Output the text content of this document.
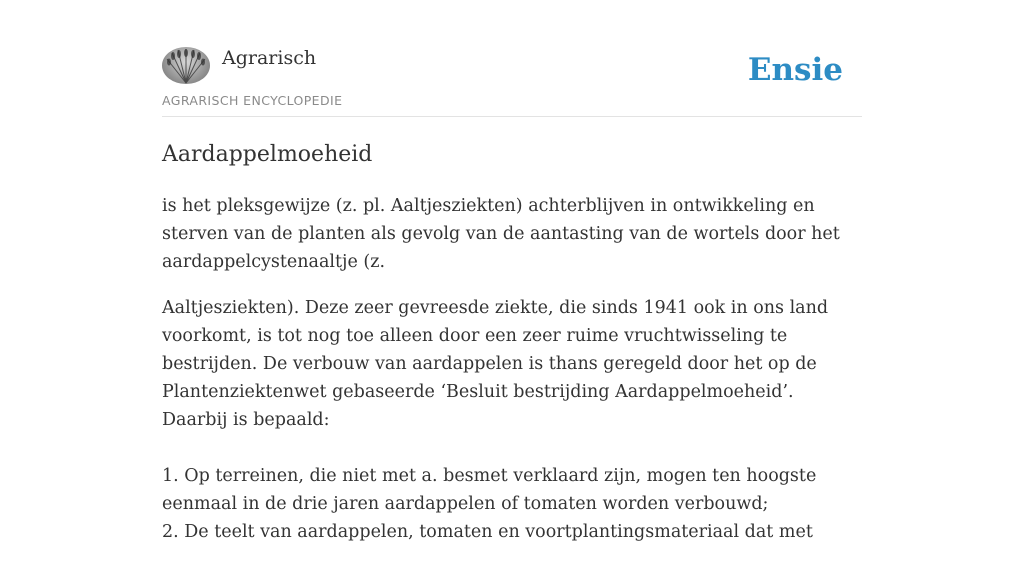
Agrarisch	Ensie
AGRARISCH ENCYCLOPEDIE
Aardappelmoeheid

is het pleksgewijze (z. pl. Aaltjesziekten) achterblijven in ontwikkeling en sterven van de planten als gevolg van de aantasting van de wortels door het aardappelcystenaaltje (z.

Aaltjesziekten). Deze zeer gevreesde ziekte, die sinds 1941 ook in ons land voorkomt, is tot nog toe alleen door een zeer ruime vruchtwisseling te bestrijden. De verbouw van aardappelen is thans geregeld door het op de Plantenziektenwet gebaseerde ‘Besluit bestrijding Aardappelmoeheid’. Daarbij is bepaald:

1. Op terreinen, die niet met a. besmet verklaard zijn, mogen ten hoogste eenmaal in de drie jaren aardappelen of tomaten worden verbouwd;
2. De teelt van aardappelen, tomaten en voortplantingsmateriaal dat met
